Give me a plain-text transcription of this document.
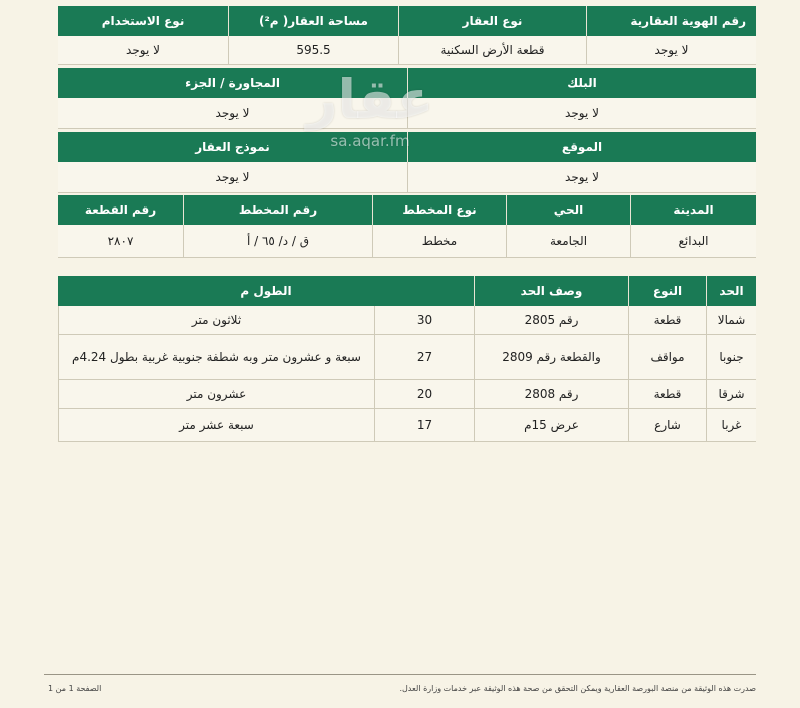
رقم الهوية العقارية
نوع العقار
مساحة العقار( م²)
نوع الاستخدام
لا يوجد
قطعة الأرض السكنية
595.5
لا يوجد
البلك
المجاورة / الجزء
لا يوجد
لا يوجد
الموقع
نموذج العقار
لا يوجد
لا يوجد
المدينة
الحي
نوع المخطط
رقم المخطط
رقم القطعة
البدائع
الجامعة
مخطط
ق / د/ ٦٥ / أ
٢٨٠٧
عقار
sa.aqar.fm
الحد
النوع
وصف الحد
الطول م
شمالا
قطعة
رقم 2805
30
ثلاثون متر
جنوبا
مواقف
والقطعة رقم 2809
27
سبعة و عشرون متر وبه شطفة جنوبية غربية بطول 4.24م
شرقا
قطعة
رقم 2808
20
عشرون متر
غربا
شارع
عرض 15م
17
سبعة عشر متر
صدرت هذه الوثيقة من منصة البورصة العقارية ويمكن التحقق من صحة هذه الوثيقة عبر خدمات وزارة العدل.
الصفحة 1 من 1
